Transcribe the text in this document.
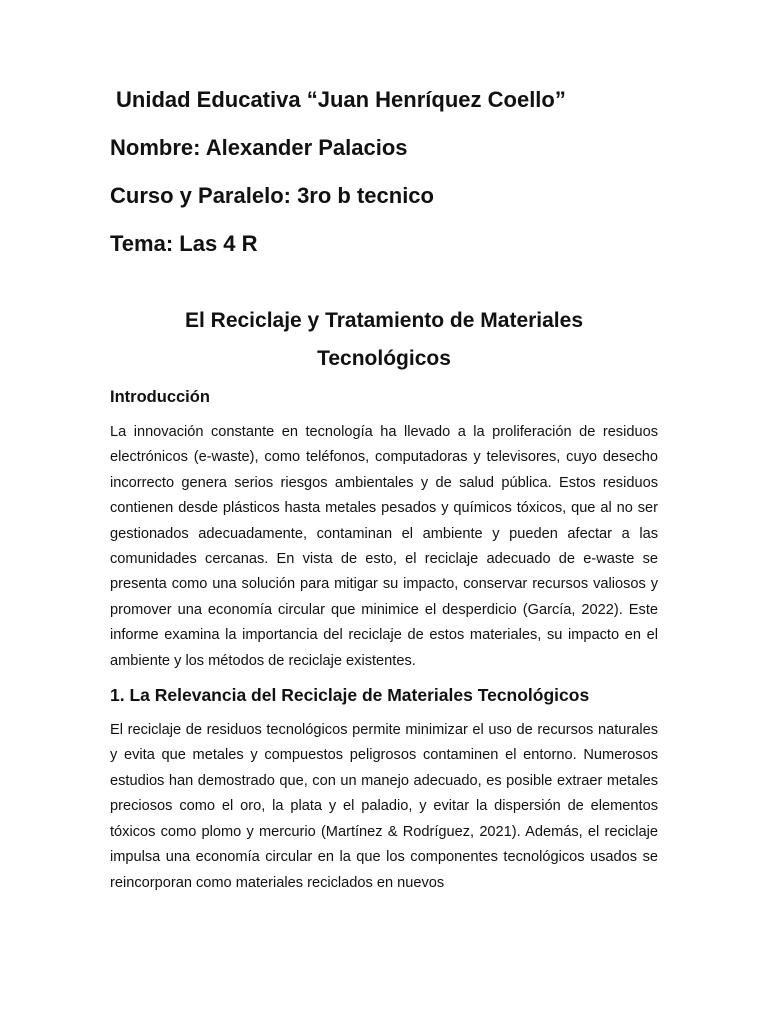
Unidad Educativa “Juan Henríquez Coello”
Nombre: Alexander Palacios
Curso y Paralelo: 3ro b tecnico
Tema: Las 4 R
El Reciclaje y Tratamiento de Materiales
Tecnológicos
Introducción

La innovación constante en tecnología ha llevado a la proliferación de residuos electrónicos (e-waste), como teléfonos, computadoras y televisores, cuyo desecho incorrecto genera serios riesgos ambientales y de salud pública. Estos residuos contienen desde plásticos hasta metales pesados y químicos tóxicos, que al no ser gestionados adecuadamente, contaminan el ambiente y pueden afectar a las comunidades cercanas. En vista de esto, el reciclaje adecuado de e-waste se presenta como una solución para mitigar su impacto, conservar recursos valiosos y promover una economía circular que minimice el desperdicio (García, 2022). Este informe examina la importancia del reciclaje de estos materiales, su impacto en el ambiente y los métodos de reciclaje existentes.

1. La Relevancia del Reciclaje de Materiales Tecnológicos

El reciclaje de residuos tecnológicos permite minimizar el uso de recursos naturales y evita que metales y compuestos peligrosos contaminen el entorno. Numerosos estudios han demostrado que, con un manejo adecuado, es posible extraer metales preciosos como el oro, la plata y el paladio, y evitar la dispersión de elementos tóxicos como plomo y mercurio (Martínez & Rodríguez, 2021). Además, el reciclaje impulsa una economía circular en la que los componentes tecnológicos usados se reincorporan como materiales reciclados en nuevos
